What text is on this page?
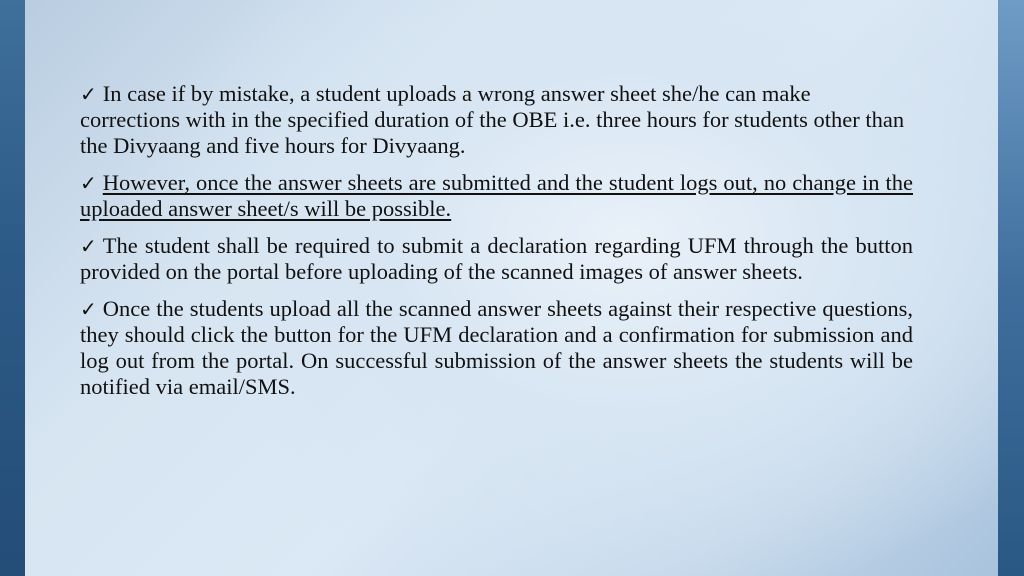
✓ In case if by mistake, a student uploads a wrong answer sheet she/he can make corrections with in the specified duration of the OBE i.e. three hours for students other than the Divyaang and five hours for Divyaang.

✓ However, once the answer sheets are submitted and the student logs out, no change in the uploaded answer sheet/s will be possible.

✓ The student shall be required to submit a declaration regarding UFM through the button provided on the portal before uploading of the scanned images of answer sheets.

✓ Once the students upload all the scanned answer sheets against their respective questions, they should click the button for the UFM declaration and a confirmation for submission and log out from the portal. On successful submission of the answer sheets the students will be notified via email/SMS.
